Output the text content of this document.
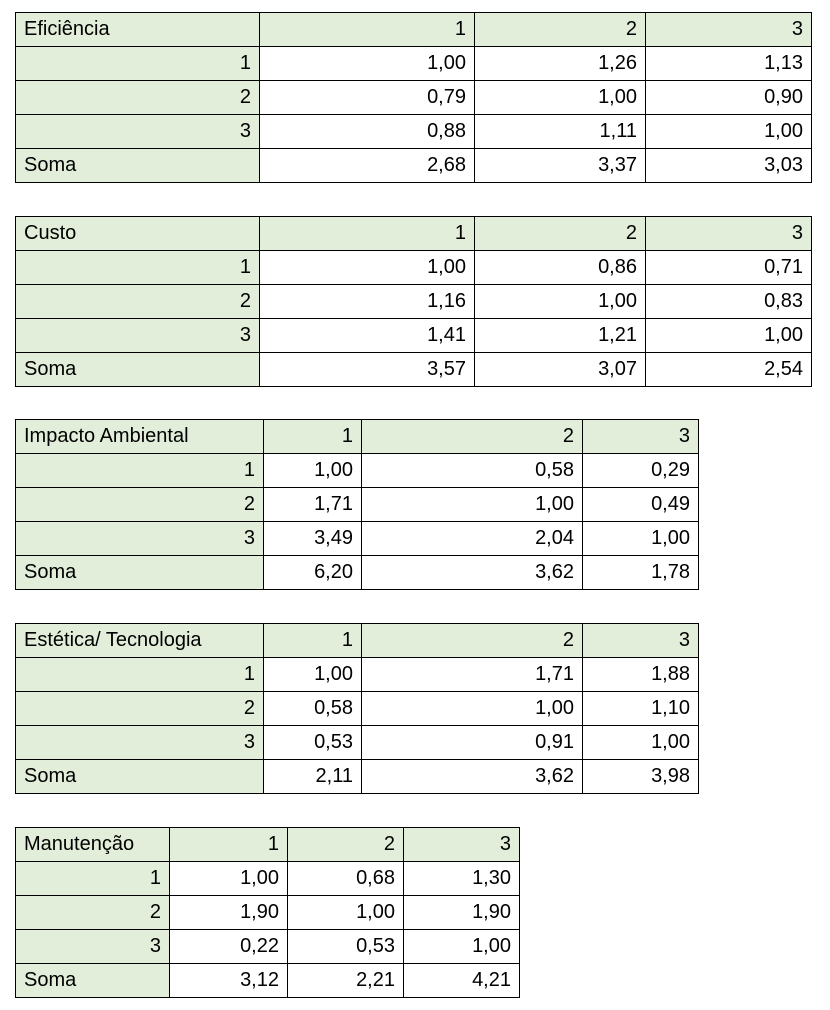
Eficiência	1	2	3
1	1,00	1,26	1,13
2	0,79	1,00	0,90
3	0,88	1,11	1,00
Soma	2,68	3,37	3,03
Custo	1	2	3
1	1,00	0,86	0,71
2	1,16	1,00	0,83
3	1,41	1,21	1,00
Soma	3,57	3,07	2,54
Impacto Ambiental	1	2	3
1	1,00	0,58	0,29
2	1,71	1,00	0,49
3	3,49	2,04	1,00
Soma	6,20	3,62	1,78
Estética/ Tecnologia	1	2	3
1	1,00	1,71	1,88
2	0,58	1,00	1,10
3	0,53	0,91	1,00
Soma	2,11	3,62	3,98
Manutenção	1	2	3
1	1,00	0,68	1,30
2	1,90	1,00	1,90
3	0,22	0,53	1,00
Soma	3,12	2,21	4,21
